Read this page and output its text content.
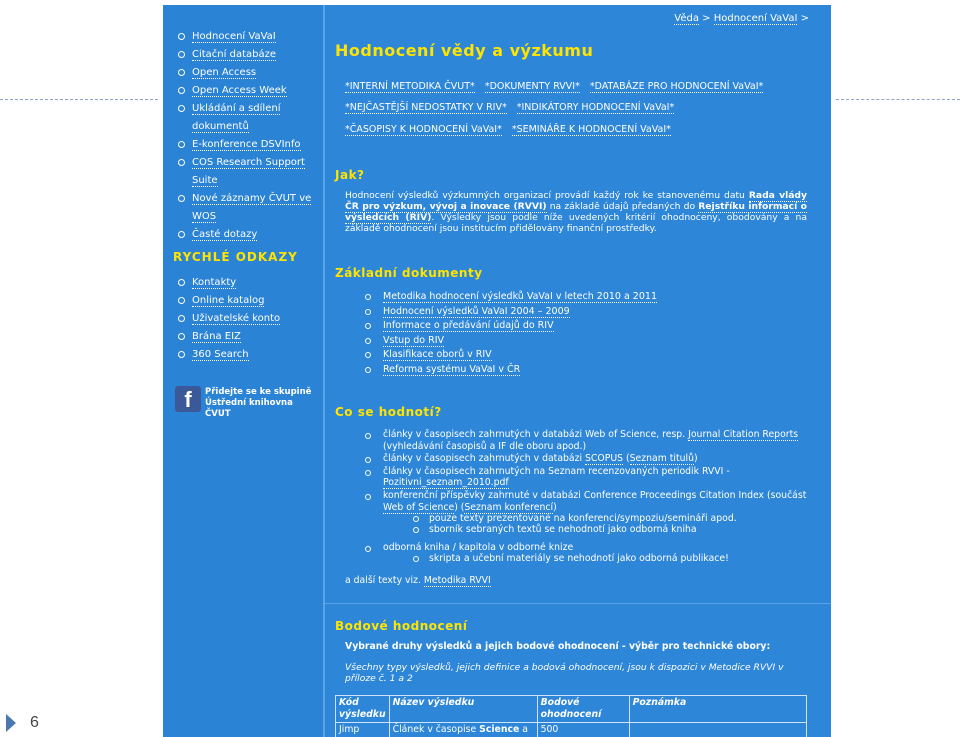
6
Hodnocení VaVaI
Citační databáze
Open Access
Open Access Week
Ukládání a sdílení dokumentů
E-konference DSVInfo
COS Research Support Suite
Nové záznamy ČVUT ve WOS
Časté dotazy
RYCHLÉ ODKAZY
Kontakty
Online katalog
Uživatelské konto
Brána EIZ
360 Search
f	Přidejte se ke skupině
Ústřední knihovna ČVUT
Věda > Hodnocení VaVaI >
Hodnocení vědy a výzkumu
*INTERNÍ METODIKA ČVUT* *DOKUMENTY RVVI* *DATABÁZE PRO HODNOCENÍ VaVaI*
*NEJČASTĚJŠÍ NEDOSTATKY V RIV* *INDIKÁTORY HODNOCENÍ VaVaI*
*ČASOPISY K HODNOCENÍ VaVaI* *SEMINÁŘE K HODNOCENÍ VaVaI*
Jak?
Hodnocení výsledků výzkumných organizací provádí každý rok ke stanovenému datu Rada vlády ČR pro výzkum, vývoj a inovace (RVVI) na základě údajů předaných do Rejstříku informací o výsledcích (RIV). Výsledky jsou podle níže uvedených kritérií ohodnoceny, obodovány a na základě ohodnocení jsou institucím přidělovány finanční prostředky.
Základní dokumenty
Metodika hodnocení výsledků VaVaI v letech 2010 a 2011
Hodnocení výsledků VaVaI 2004 – 2009
Informace o předávání údajů do RIV
Vstup do RIV
Klasifikace oborů v RIV
Reforma systému VaVaI v ČR
Co se hodnotí?
články v časopisech zahrnutých v databázi Web of Science, resp. Journal Citation Reports (vyhledávání časopisů a IF dle oboru apod.)
články v časopisech zahrnutých v databázi SCOPUS (Seznam titulů)
články v časopisech zahrnutých na Seznam recenzovaných periodik RVVI - Pozitivni_seznam_2010.pdf
konferenční příspěvky zahrnuté v databázi Conference Proceedings Citation Index (součást Web of Science) (Seznam konferencí)
pouze texty prezentované na konferenci/sympoziu/semináři apod.
sborník sebraných textů se nehodnotí jako odborná kniha
odborná kniha / kapitola v odborné knize
skripta a učební materiály se nehodnotí jako odborná publikace!
a další texty viz. Metodika RVVI
Bodové hodnocení
Vybrané druhy výsledků a jejich bodové ohodnocení - výběr pro technické obory:
Všechny typy výsledků, jejich definice a bodová ohodnocení, jsou k dispozici v Metodice RVVI v příloze č. 1 a 2
Kód výsledku	Název výsledku	Bodové ohodnocení	Poznámka
Jimp	Článek v časopise Science a	500	
